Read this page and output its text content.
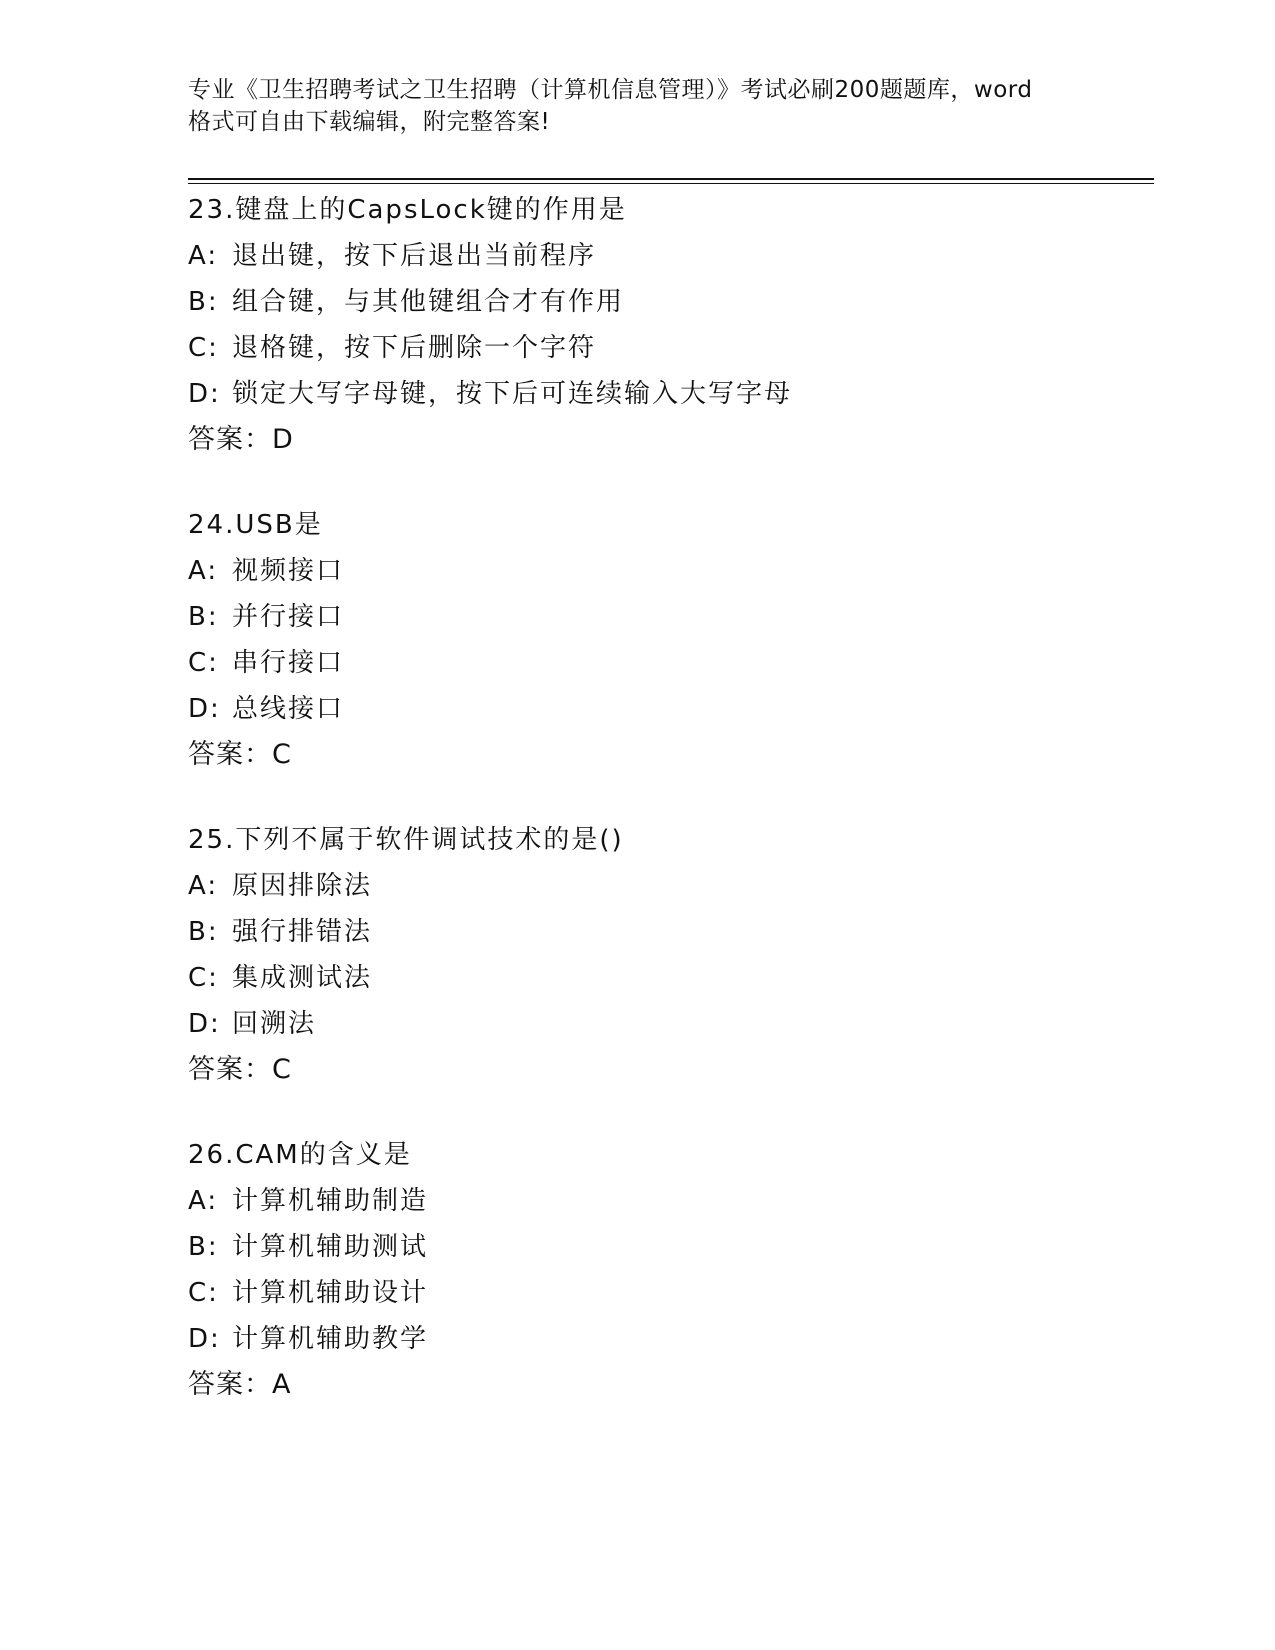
专业《卫生招聘考试之卫生招聘（计算机信息管理）》考试必刷200题题库，word
格式可自由下载编辑，附完整答案!
23.键盘上的CapsLock键的作用是
A: 退出键，按下后退出当前程序
B: 组合键，与其他键组合才有作用
C: 退格键，按下后删除一个字符
D: 锁定大写字母键，按下后可连续输入大写字母
答案：D
24.USB是
A: 视频接口
B: 并行接口
C: 串行接口
D: 总线接口
答案：C
25.下列不属于软件调试技术的是()
A: 原因排除法
B: 强行排错法
C: 集成测试法
D: 回溯法
答案：C
26.CAM的含义是
A: 计算机辅助制造
B: 计算机辅助测试
C: 计算机辅助设计
D: 计算机辅助教学
答案：A
